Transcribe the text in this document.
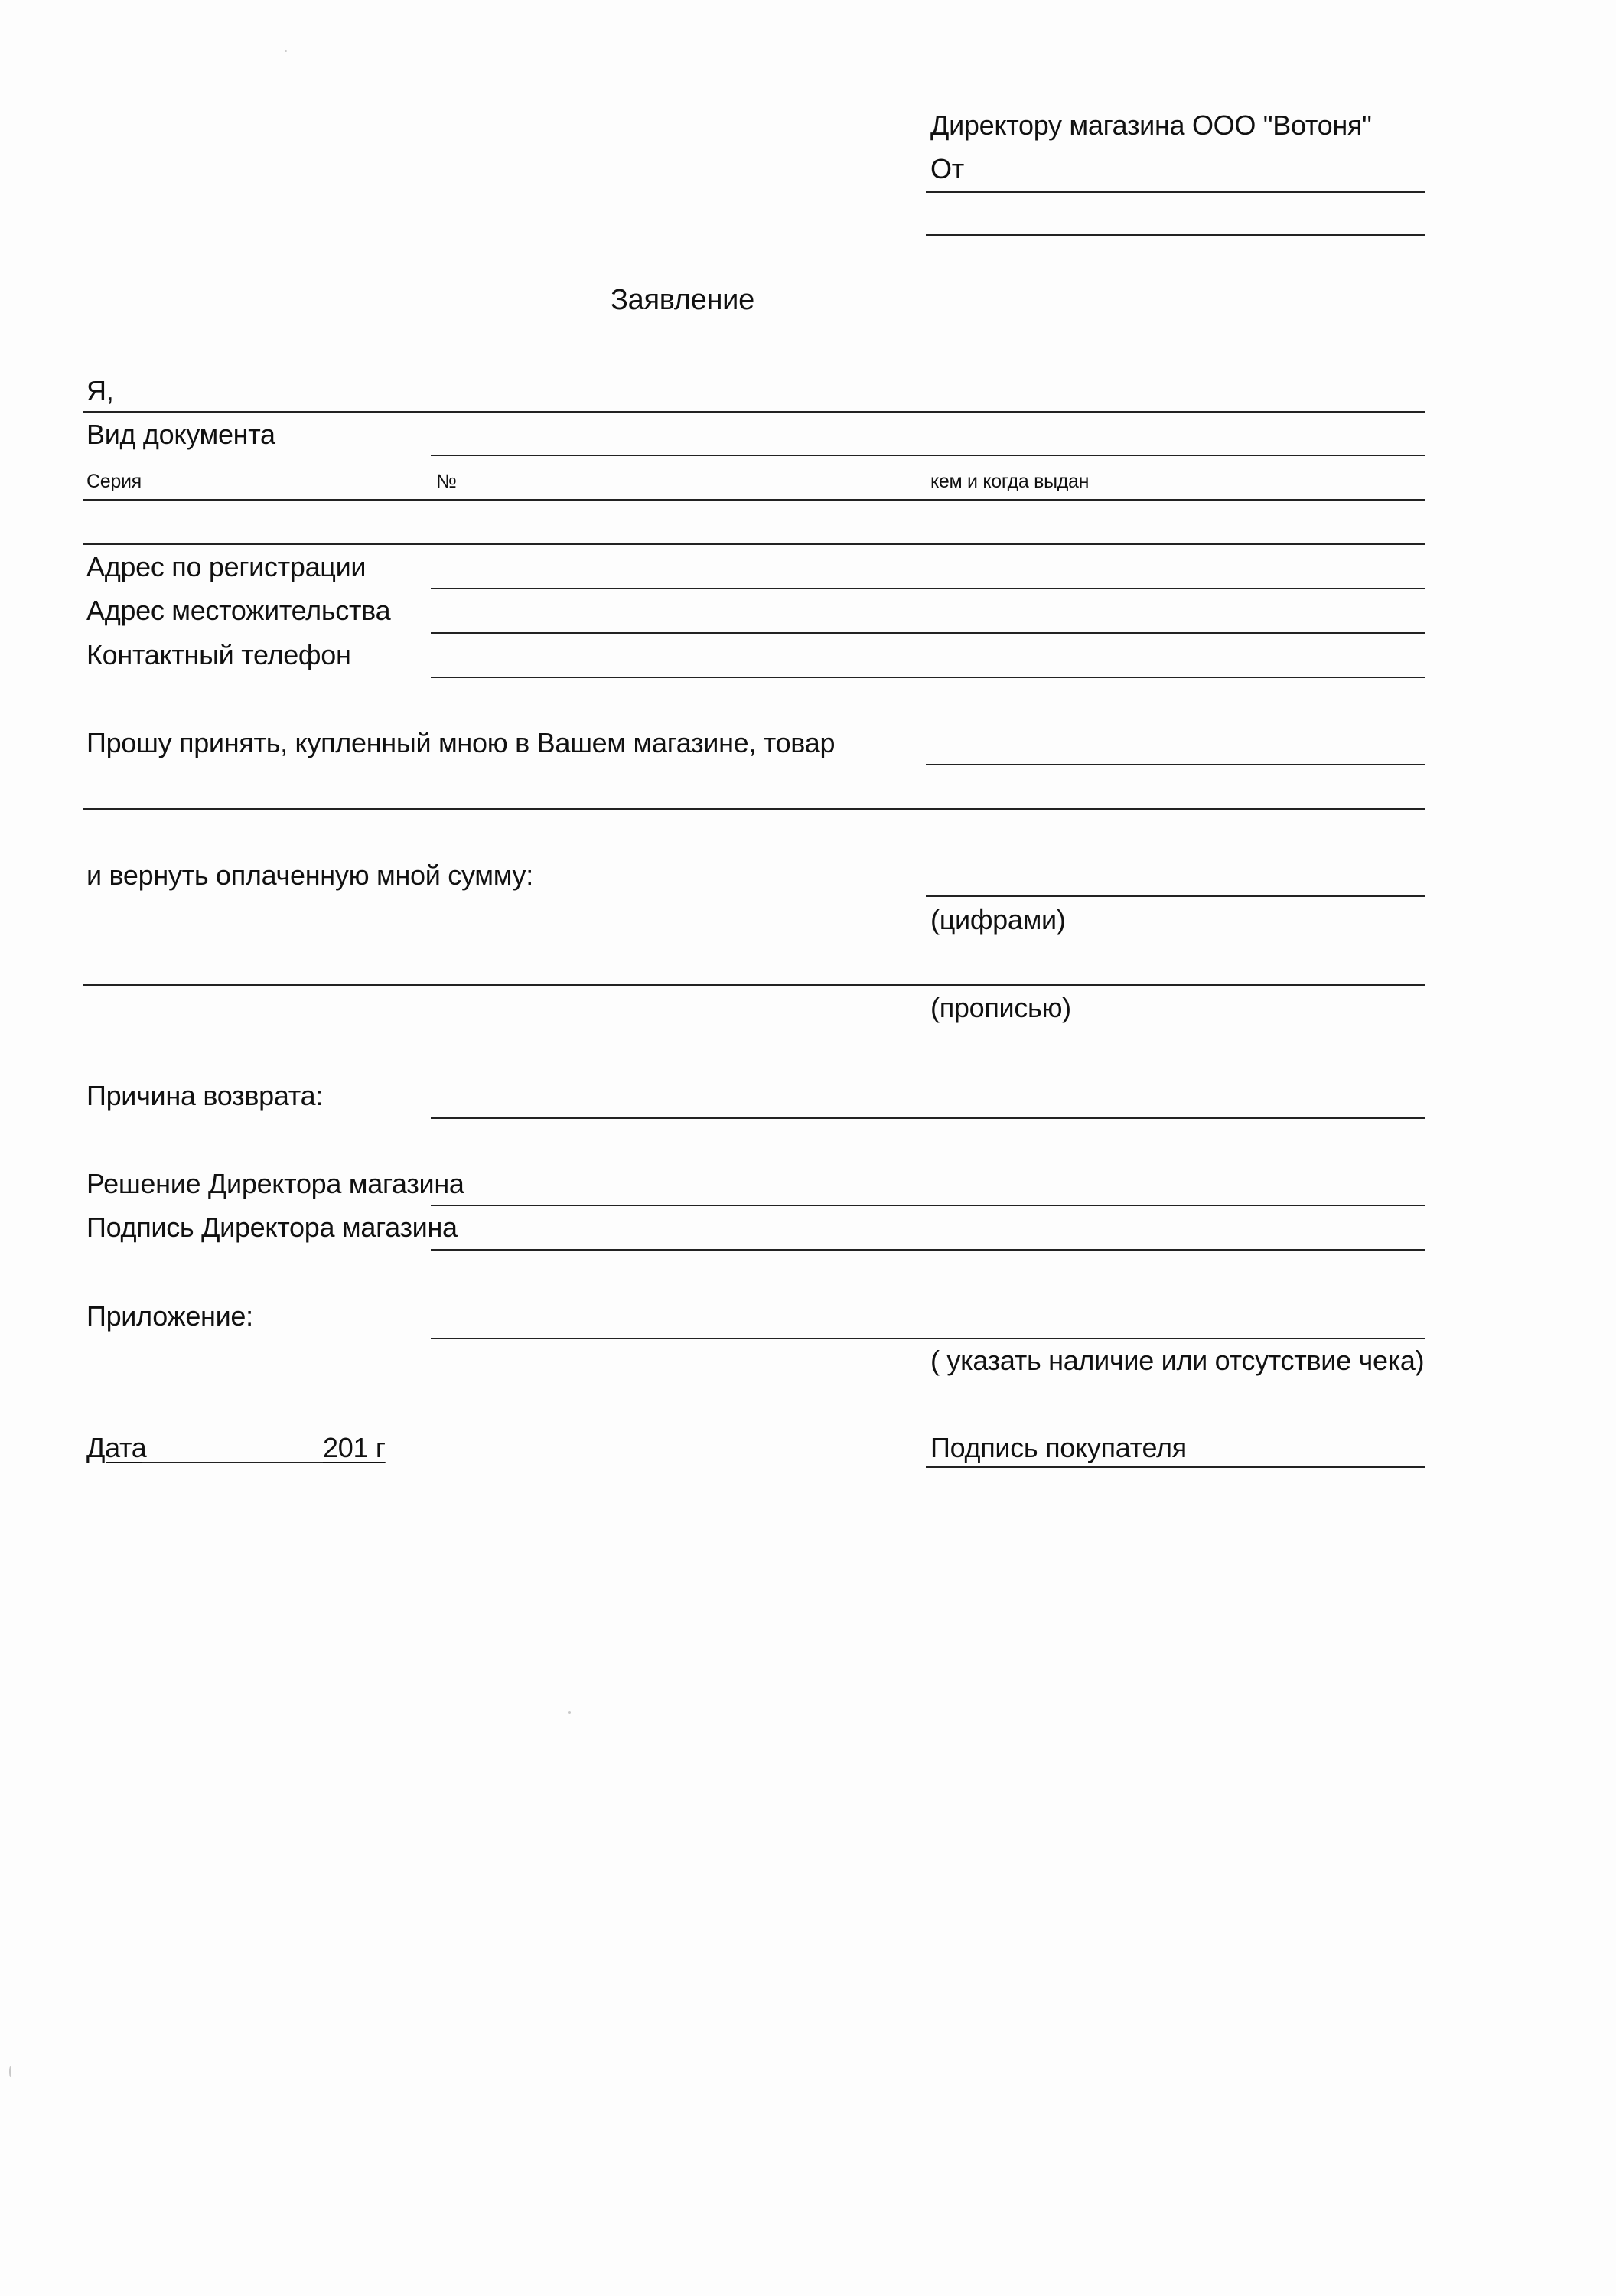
Директору магазина ООО "Вотоня"
От
Заявление
Я,
Вид документа
Серия	№	кем и когда выдан
Адрес по регистрации
Адрес местожительства
Контактный телефон
Прошу принять, купленный мною в Вашем магазине, товар
и вернуть оплаченную мной сумму:
(цифрами)
(прописью)
Причина возврата:
Решение Директора магазина
Подпись Директора магазина
Приложение:
( указать наличие или отсутствие чека)
Дата	201 г	Подпись покупателя
